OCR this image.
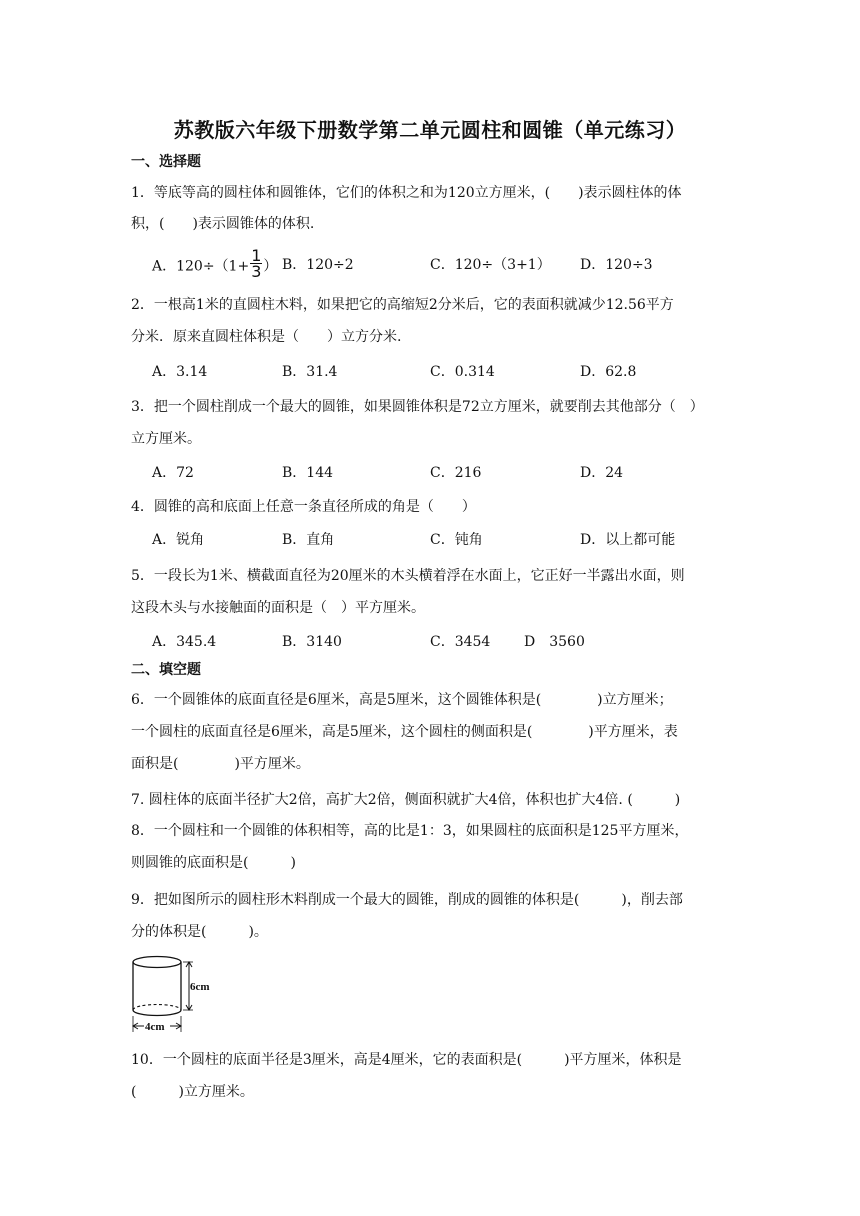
苏教版六年级下册数学第二单元圆柱和圆锥（单元练习）
一、选择题
1．等底等高的圆柱体和圆锥体，它们的体积之和为120立方厘米，(　　)表示圆柱体的体
积，(　　)表示圆锥体的体积.
A．$120\div(1+ \frac{1}{3}$ ） B．120÷2	C．120÷（3+1） D．120÷3
2．一根高1米的直圆柱木料，如果把它的高缩短2分米后，它的表面积就减少12.56平方
分米．原来直圆柱体积是（　　）立方分米.
A．3.14	B．31.4	C．0.314	D．62.8
3．把一个圆柱削成一个最大的圆锥，如果圆锥体积是72立方厘米，就要削去其他部分（　）
立方厘米。
A．72	B．144	C．216	D．24
4．圆锥的高和底面上任意一条直径所成的角是（　　）
A．锐角	B．直角	C．钝角	D．以上都可能
5．一段长为1米、横截面直径为20厘米的木头横着浮在水面上，它正好一半露出水面，则
这段木头与水接触面的面积是（　）平方厘米。
A．345.4	B．3140	C．3454 D　3560
二、填空题
6．一个圆锥体的底面直径是6厘米，高是5厘米，这个圆锥体积是(　　　　)立方厘米；
一个圆柱的底面直径是6厘米，高是5厘米，这个圆柱的侧面积是(　　　　)平方厘米，表
面积是(　　　　)平方厘米。
7. 圆柱体的底面半径扩大2倍，高扩大2倍，侧面积就扩大4倍，体积也扩大4倍. (　　　)
8．一个圆柱和一个圆锥的体积相等，高的比是1：3，如果圆柱的底面积是125平方厘米，
则圆锥的底面积是(　　　)
9．把如图所示的圆柱形木料削成一个最大的圆锥，削成的圆锥的体积是(　　　)，削去部
分的体积是(　　　)。
6cm
4cm
10．一个圆柱的底面半径是3厘米，高是4厘米，它的表面积是(　　　)平方厘米，体积是
(　　　)立方厘米。
